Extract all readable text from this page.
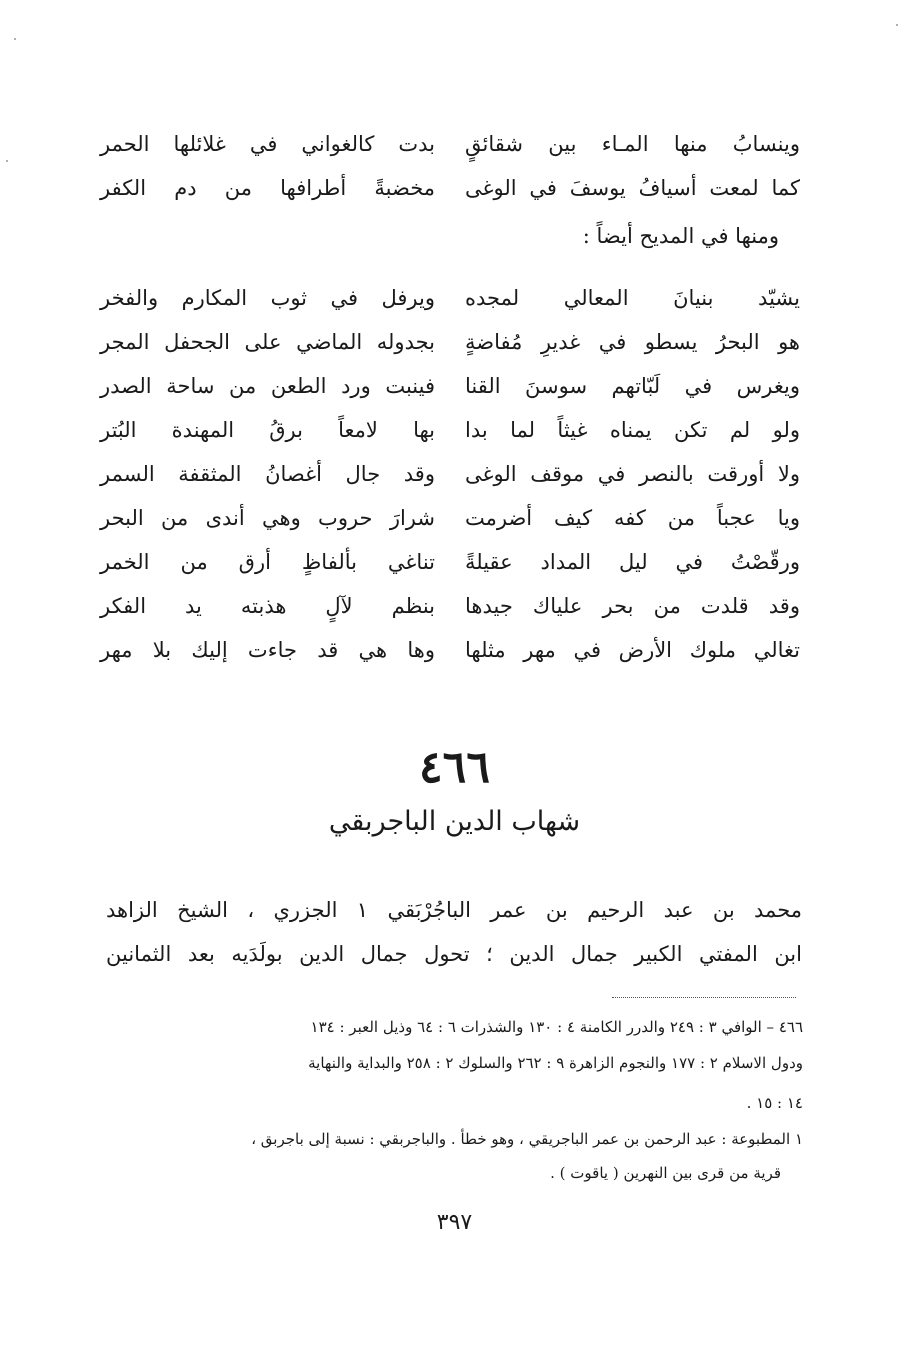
وينسابُ منها المـاء بين شقائقٍ
بدت كالغواني في غلائلها الحمر
كما لمعت أسيافُ يوسفَ في الوغى
مخضبةً أطرافها من دم الكفر
ومنها في المديح أيضاً :
يشيّد بنيانَ المعالي لمجده
ويرفل في ثوب المكارم والفخر
هو البحرُ يسطو في غديرِ مُفاضةٍ
بجدوله الماضي على الجحفل المجر
ويغرس في لَبّاتهم سوسنَ القنا
فينبت ورد الطعن من ساحة الصدر
ولو لم تكن يمناه غيثاً لما بدا
بها لامعاً برقُ المهندة البُتر
ولا أورقت بالنصر في موقف الوغى
وقد جال أغصانُ المثقفة السمر
ويا عجباً من كفه كيف أضرمت
شرارَ حروب وهي أندى من البحر
ورقّصْتُ في ليل المداد عقيلةً
تناغي بألفاظٍ أرق من الخمر
وقد قلدت من بحر علياك جيدها
بنظم لآلٍ هذبته يد الفكر
تغالي ملوك الأرض في مهر مثلها
وها هي قد جاءت إليك بلا مهر
٤٦٦
شهاب الدين الباجربقي
محمد بن عبد الرحيم بن عمر الباجُرْبَقي ١ الجزري ، الشيخ الزاهد
ابن المفتي الكبير جمال الدين ؛ تحول جمال الدين بولَدَيه بعد الثمانين
٤٦٦ – الوافي ٣ : ٢٤٩ والدرر الكامنة ٤ : ١٣٠ والشذرات ٦ : ٦٤ وذيل العبر : ١٣٤
ودول الاسلام ٢ : ١٧٧ والنجوم الزاهرة ٩ : ٢٦٢ والسلوك ٢ : ٢٥٨ والبداية والنهاية
١٤ : ١٥ .
١ المطبوعة : عبد الرحمن بن عمر الباجريقي ، وهو خطأ . والباجربقي : نسبة إلى باجربق ،
قرية من قرى بين النهرين ( ياقوت ) .
٣٩٧
